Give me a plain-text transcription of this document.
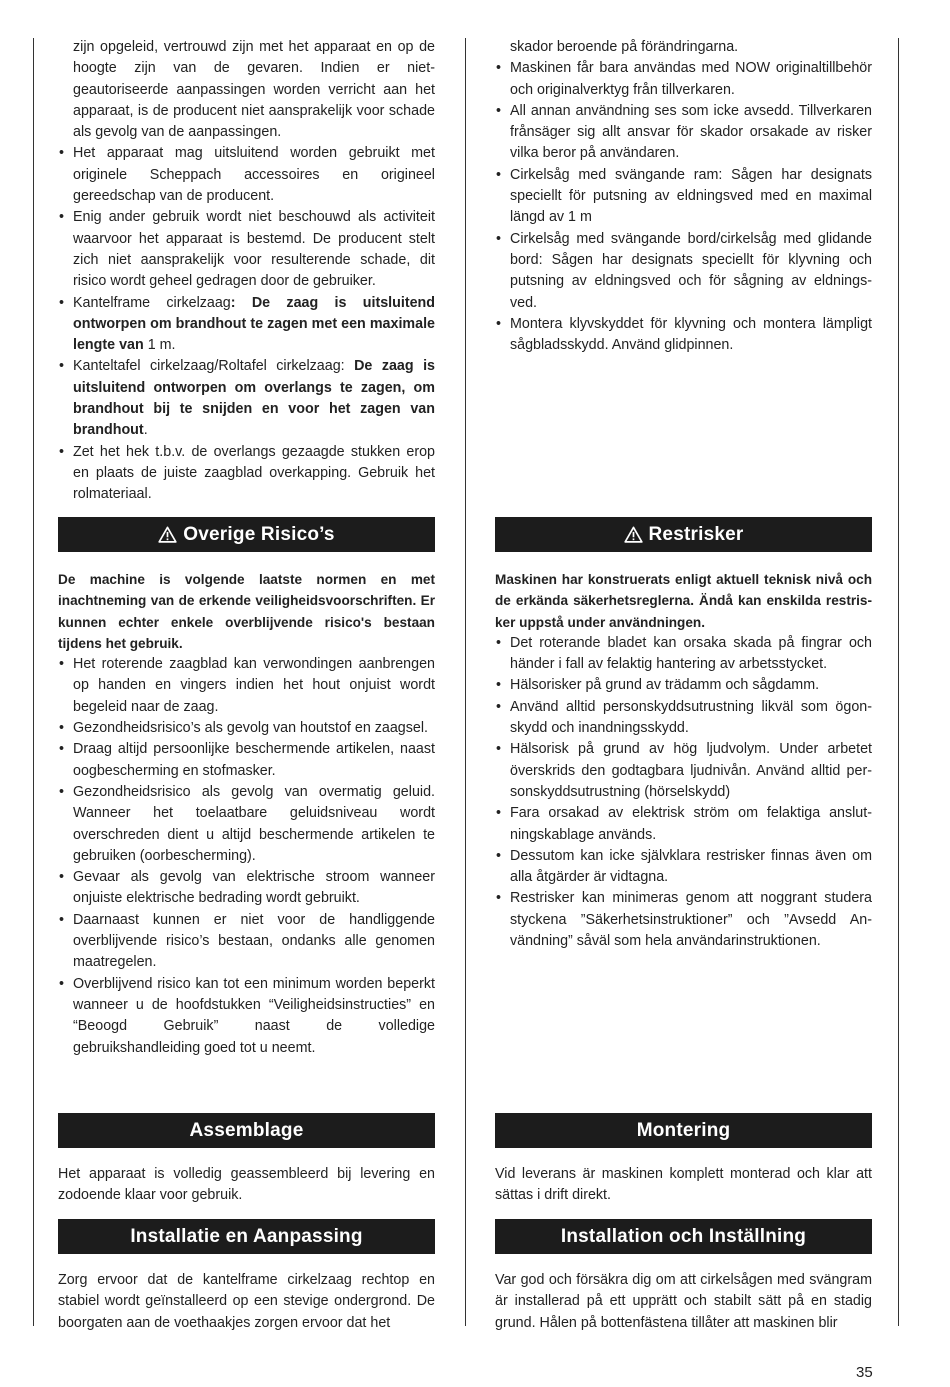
zijn opgeleid, vertrouwd zijn met het apparaat en op de hoogte zijn van de gevaren. Indien er niet-geautoriseerde aanpassingen worden verricht aan het apparaat, is de producent niet aansprakelijk voor schade als gevolg van de aanpassingen.

• Het apparaat mag uitsluitend worden gebruikt met originele Scheppach accessoires en origineel gereedschap van de producent.
• Enig ander gebruik wordt niet beschouwd als activiteit waarvoor het apparaat is bestemd. De producent stelt zich niet aansprakelijk voor resulterende schade, dit risico wordt geheel gedragen door de gebruiker.
• Kantelframe cirkelzaag: De zaag is uitsluitend ontworpen om brandhout te zagen met een maximale lengte van 1 m.
• Kanteltafel cirkelzaag/Roltafel cirkelzaag: De zaag is uitsluitend ontworpen om overlangs te zagen, om brandhout bij te snijden en voor het zagen van brandhout.
• Zet het hek t.b.v. de overlangs gezaagde stukken erop en plaats de juiste zaagblad overkapping. Gebruik het rolmateriaal.
Overige Risico’s

De machine is volgende laatste normen en met inachtneming van de erkende veiligheidsvoorschriften. Er kunnen echter enkele overblijvende risico's bestaan tijdens het gebruik.

• Het roterende zaagblad kan verwondingen aanbrengen op handen en vingers indien het hout onjuist wordt begeleid naar de zaag.
• Gezondheidsrisico’s als gevolg van houtstof en zaagsel.
• Draag altijd persoonlijke beschermende artikelen, naast oogbescherming en stofmasker.
• Gezondheidsrisico als gevolg van overmatig geluid. Wanneer het toelaatbare geluidsniveau wordt overschreden dient u altijd beschermende artikelen te gebruiken (oorbescherming).
• Gevaar als gevolg van elektrische stroom wanneer onjuiste elektrische bedrading wordt gebruikt.
• Daarnaast kunnen er niet voor de handliggende overblijvende risico’s bestaan, ondanks alle genomen maatregelen.
• Overblijvend risico kan tot een minimum worden beperkt wanneer u de hoofdstukken “Veiligheidsinstructies” en “Beoogd Gebruik” naast de volledige gebruikshandleiding goed tot u neemt.
Assemblage

Het apparaat is volledig geassembleerd bij levering en zodoende klaar voor gebruik.

Installatie en Aanpassing

Zorg ervoor dat de kantelframe cirkelzaag rechtop en stabiel wordt geïnstalleerd op een stevige ondergrond. De boorgaten aan de voethaakjes zorgen ervoor dat het

skador beroende på förändringarna.

• Maskinen får bara användas med NOW originaltillbehör och originalverktyg från tillverkaren.
• All annan användning ses som icke avsedd. Tillverkaren frånsäger sig allt ansvar för skador orsakade av risker vilka beror på användaren.
• Cirkelsåg med svängande ram: Sågen har designats speciellt för putsning av eldningsved med en maximal längd av 1 m
• Cirkelsåg med svängande bord/cirkelsåg med glidande bord: Sågen har designats speciellt för klyvning och putsning av eldningsved och för sågning av eldnings-ved.
• Montera klyvskyddet för klyvning och montera lämpligt sågbladsskydd. Använd glidpinnen.
Restrisker

Maskinen har konstruerats enligt aktuell teknisk nivå och de erkända säkerhetsreglerna. Ändå kan enskilda restris-ker uppstå under användningen.

• Det roterande bladet kan orsaka skada på fingrar och händer i fall av felaktig hantering av arbetsstycket.
• Hälsorisker på grund av trädamm och sågdamm.
• Använd alltid personskyddsutrustning likväl som ögon-skydd och inandningsskydd.
• Hälsorisk på grund av hög ljudvolym. Under arbetet överskrids den godtagbara ljudnivån. Använd alltid per-sonskyddsutrustning (hörselskydd)
• Fara orsakad av elektrisk ström om felaktiga anslut-ningskablage används.
• Dessutom kan icke självklara restrisker finnas även om alla åtgärder är vidtagna.
• Restrisker kan minimeras genom att noggrant studera styckena ”Säkerhetsinstruktioner” och ”Avsedd An-vändning” såväl som hela användarinstruktionen.
Montering

Vid leverans är maskinen komplett monterad och klar att sättas i drift direkt.

Installation och Inställning

Var god och försäkra dig om att cirkelsågen med svängram är installerad på ett upprätt och stabilt sätt på en stadig grund. Hålen på bottenfästena tillåter att maskinen blir

35
